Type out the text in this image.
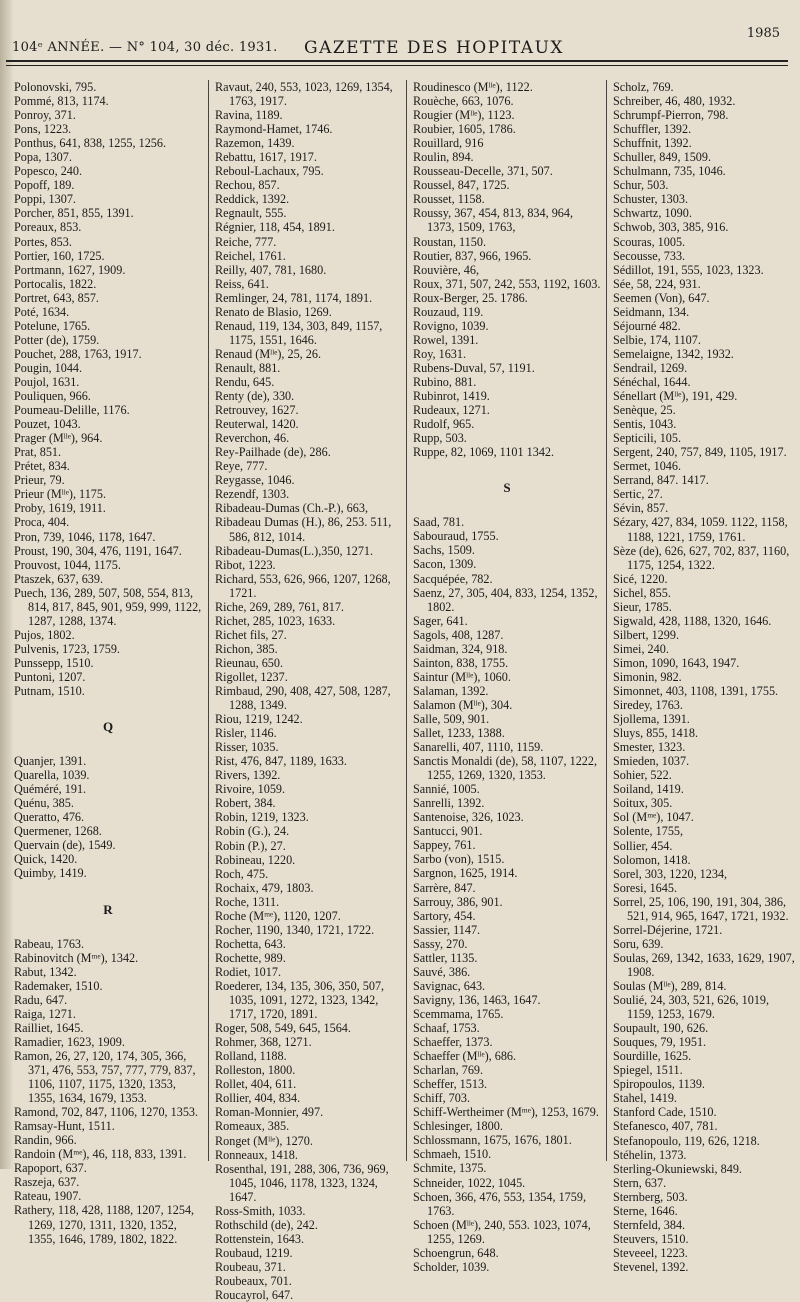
104ᵉ ANNÉE. — N° 104, 30 déc. 1931. GAZETTE DES HOPITAUX
1985
Polonovski, 795.
Pommé, 813, 1174.
Ponroy, 371.
Pons, 1223.
Ponthus, 641, 838, 1255, 1256.
Popa, 1307.
Popesco, 240.
Popoff, 189.
Poppi, 1307.
Porcher, 851, 855, 1391.
Poreaux, 853.
Portes, 853.
Portier, 160, 1725.
Portmann, 1627, 1909.
Portocalis, 1822.
Portret, 643, 857.
Poté, 1634.
Potelune, 1765.
Potter (de), 1759.
Pouchet, 288, 1763, 1917.
Pougin, 1044.
Poujol, 1631.
Pouliquen, 966.
Poumeau-Delille, 1176.
Pouzet, 1043.
Prager (Mˡˡᵉ), 964.
Prat, 851.
Prétet, 834.
Prieur, 79.
Prieur (Mˡˡᵉ), 1175.
Proby, 1619, 1911.
Proca, 404.
Pron, 739, 1046, 1178, 1647.
Proust, 190, 304, 476, 1191, 1647.
Prouvost, 1044, 1175.
Ptaszek, 637, 639.
Puech, 136, 289, 507, 508, 554, 813, 814, 817, 845, 901, 959, 999, 1122, 1287, 1288, 1374.
Pujos, 1802.
Pulvenis, 1723, 1759.
Punssepp, 1510.
Puntoni, 1207.
Putnam, 1510.
Q
Quanjer, 1391.
Quarella, 1039.
Quéméré, 191.
Quénu, 385.
Queratto, 476.
Quermener, 1268.
Quervain (de), 1549.
Quick, 1420.
Quimby, 1419.
R
Rabeau, 1763.
Rabinovitch (Mᵐᵉ), 1342.
Rabut, 1342.
Rademaker, 1510.
Radu, 647.
Raiga, 1271.
Railliet, 1645.
Ramadier, 1623, 1909.
Ramon, 26, 27, 120, 174, 305, 366, 371, 476, 553, 757, 777, 779, 837, 1106, 1107, 1175, 1320, 1353, 1355, 1634, 1679, 1353.
Ramond, 702, 847, 1106, 1270, 1353.
Ramsay-Hunt, 1511.
Randin, 966.
Randoin (Mᵐᵉ), 46, 118, 833, 1391.
Rapoport, 637.
Raszeja, 637.
Rateau, 1907.
Rathery, 118, 428, 1188, 1207, 1254, 1269, 1270, 1311, 1320, 1352, 1355, 1646, 1789, 1802, 1822.
Ravaut, 240, 553, 1023, 1269, 1354, 1763, 1917.
Ravina, 1189.
Raymond-Hamet, 1746.
Razemon, 1439.
Rebattu, 1617, 1917.
Reboul-Lachaux, 795.
Rechou, 857.
Reddick, 1392.
Regnault, 555.
Régnier, 118, 454, 1891.
Reiche, 777.
Reichel, 1761.
Reilly, 407, 781, 1680.
Reiss, 641.
Remlinger, 24, 781, 1174, 1891.
Renato de Blasio, 1269.
Renaud, 119, 134, 303, 849, 1157, 1175, 1551, 1646.
Renaud (Mˡˡᵉ), 25, 26.
Renault, 881.
Rendu, 645.
Renty (de), 330.
Retrouvey, 1627.
Reuterwal, 1420.
Reverchon, 46.
Rey-Pailhade (de), 286.
Reye, 777.
Reygasse, 1046.
Rezendf, 1303.
Ribadeau-Dumas (Ch.-P.), 663,
Ribadeau Dumas (H.), 86, 253. 511, 586, 812, 1014.
Ribadeau-Dumas(L.),350, 1271.
Ribot, 1223.
Richard, 553, 626, 966, 1207, 1268, 1721.
Riche, 269, 289, 761, 817.
Richet, 285, 1023, 1633.
Richet fils, 27.
Richon, 385.
Rieunau, 650.
Rigollet, 1237.
Rimbaud, 290, 408, 427, 508, 1287, 1288, 1349.
Riou, 1219, 1242.
Risler, 1146.
Risser, 1035.
Rist, 476, 847, 1189, 1633.
Rivers, 1392.
Rivoire, 1059.
Robert, 384.
Robin, 1219, 1323.
Robin (G.), 24.
Robin (P.), 27.
Robineau, 1220.
Roch, 475.
Rochaix, 479, 1803.
Roche, 1311.
Roche (Mᵐᵉ), 1120, 1207.
Rocher, 1190, 1340, 1721, 1722.
Rochetta, 643.
Rochette, 989.
Rodiet, 1017.
Roederer, 134, 135, 306, 350, 507, 1035, 1091, 1272, 1323, 1342, 1717, 1720, 1891.
Roger, 508, 549, 645, 1564.
Rohmer, 368, 1271.
Rolland, 1188.
Rolleston, 1800.
Rollet, 404, 611.
Rollier, 404, 834.
Roman-Monnier, 497.
Romeaux, 385.
Ronget (Mˡˡᵉ), 1270.
Ronneaux, 1418.
Rosenthal, 191, 288, 306, 736, 969, 1045, 1046, 1178, 1323, 1324, 1647.
Ross-Smith, 1033.
Rothschild (de), 242.
Rottenstein, 1643.
Roubaud, 1219.
Roubeau, 371.
Roubeaux, 701.
Roucayrol, 647.
Roudinesco (Mˡˡᵉ), 1122.
Rouèche, 663, 1076.
Rougier (Mˡˡᵉ), 1123.
Roubier, 1605, 1786.
Rouillard, 916
Roulin, 894.
Rousseau-Decelle, 371, 507.
Roussel, 847, 1725.
Rousset, 1158.
Roussy, 367, 454, 813, 834, 964, 1373, 1509, 1763,
Roustan, 1150.
Routier, 837, 966, 1965.
Rouvière, 46,
Roux, 371, 507, 242, 553, 1192, 1603.
Roux-Berger, 25. 1786.
Rouzaud, 119.
Rovigno, 1039.
Rowel, 1391.
Roy, 1631.
Rubens-Duval, 57, 1191.
Rubino, 881.
Rubinrot, 1419.
Rudeaux, 1271.
Rudolf, 965.
Rupp, 503.
Ruppe, 82, 1069, 1101 1342.
S
Saad, 781.
Sabouraud, 1755.
Sachs, 1509.
Sacon, 1309.
Sacquépée, 782.
Saenz, 27, 305, 404, 833, 1254, 1352, 1802.
Sager, 641.
Sagols, 408, 1287.
Saidman, 324, 918.
Sainton, 838, 1755.
Saintur (Mˡˡᵉ), 1060.
Salaman, 1392.
Salamon (Mˡˡᵉ), 304.
Salle, 509, 901.
Sallet, 1233, 1388.
Sanarelli, 407, 1110, 1159.
Sanctis Monaldi (de), 58, 1107, 1222, 1255, 1269, 1320, 1353.
Sannié, 1005.
Sanrelli, 1392.
Santenoise, 326, 1023.
Santucci, 901.
Sappey, 761.
Sarbo (von), 1515.
Sargnon, 1625, 1914.
Sarrère, 847.
Sarrouy, 386, 901.
Sartory, 454.
Sassier, 1147.
Sassy, 270.
Sattler, 1135.
Sauvé, 386.
Savignac, 643.
Savigny, 136, 1463, 1647.
Scemmama, 1765.
Schaaf, 1753.
Schaeffer, 1373.
Schaeffer (Mˡˡᵉ), 686.
Scharlan, 769.
Scheffer, 1513.
Schiff, 703.
Schiff-Wertheimer (Mᵐᵉ), 1253, 1679.
Schlesinger, 1800.
Schlossmann, 1675, 1676, 1801.
Schmaeh, 1510.
Schmite, 1375.
Schneider, 1022, 1045.
Schoen, 366, 476, 553, 1354, 1759, 1763.
Schoen (Mˡˡᵉ), 240, 553. 1023, 1074, 1255, 1269.
Schoengrun, 648.
Scholder, 1039.
Scholz, 769.
Schreiber, 46, 480, 1932.
Schrumpf-Pierron, 798.
Schuffler, 1392.
Schuffnit, 1392.
Schuller, 849, 1509.
Schulmann, 735, 1046.
Schur, 503.
Schuster, 1303.
Schwartz, 1090.
Schwob, 303, 385, 916.
Scouras, 1005.
Secousse, 733.
Sédillot, 191, 555, 1023, 1323.
Sée, 58, 224, 931.
Seemen (Von), 647.
Seidmann, 134.
Séjourné 482.
Selbie, 174, 1107.
Semelaigne, 1342, 1932.
Sendrail, 1269.
Sénéchal, 1644.
Sénellart (Mˡˡᵉ), 191, 429.
Senèque, 25.
Sentis, 1043.
Septicili, 105.
Sergent, 240, 757, 849, 1105, 1917.
Sermet, 1046.
Serrand, 847. 1417.
Sertic, 27.
Sévin, 857.
Sézary, 427, 834, 1059. 1122, 1158, 1188, 1221, 1759, 1761.
Sèze (de), 626, 627, 702, 837, 1160, 1175, 1254, 1322.
Sicé, 1220.
Sichel, 855.
Sieur, 1785.
Sigwald, 428, 1188, 1320, 1646.
Silbert, 1299.
Simei, 240.
Simon, 1090, 1643, 1947.
Simonin, 982.
Simonnet, 403, 1108, 1391, 1755.
Siredey, 1763.
Sjollema, 1391.
Sluys, 855, 1418.
Smester, 1323.
Smieden, 1037.
Sohier, 522.
Soiland, 1419.
Soitux, 305.
Sol (Mᵐᵉ), 1047.
Solente, 1755,
Sollier, 454.
Solomon, 1418.
Sorel, 303, 1220, 1234,
Soresi, 1645.
Sorrel, 25, 106, 190, 191, 304, 386, 521, 914, 965, 1647, 1721, 1932.
Sorrel-Déjerine, 1721.
Soru, 639.
Soulas, 269, 1342, 1633, 1629, 1907, 1908.
Soulas (Mˡˡᵉ), 289, 814.
Soulié, 24, 303, 521, 626, 1019, 1159, 1253, 1679.
Soupault, 190, 626.
Souques, 79, 1951.
Sourdille, 1625.
Spiegel, 1511.
Spiropoulos, 1139.
Stahel, 1419.
Stanford Cade, 1510.
Stefanesco, 407, 781.
Stefanopoulo, 119, 626, 1218.
Stéhelin, 1373.
Sterling-Okuniewski, 849.
Stern, 637.
Sternberg, 503.
Sterne, 1646.
Sternfeld, 384.
Steuvers, 1510.
Steveeel, 1223.
Stevenel, 1392.
